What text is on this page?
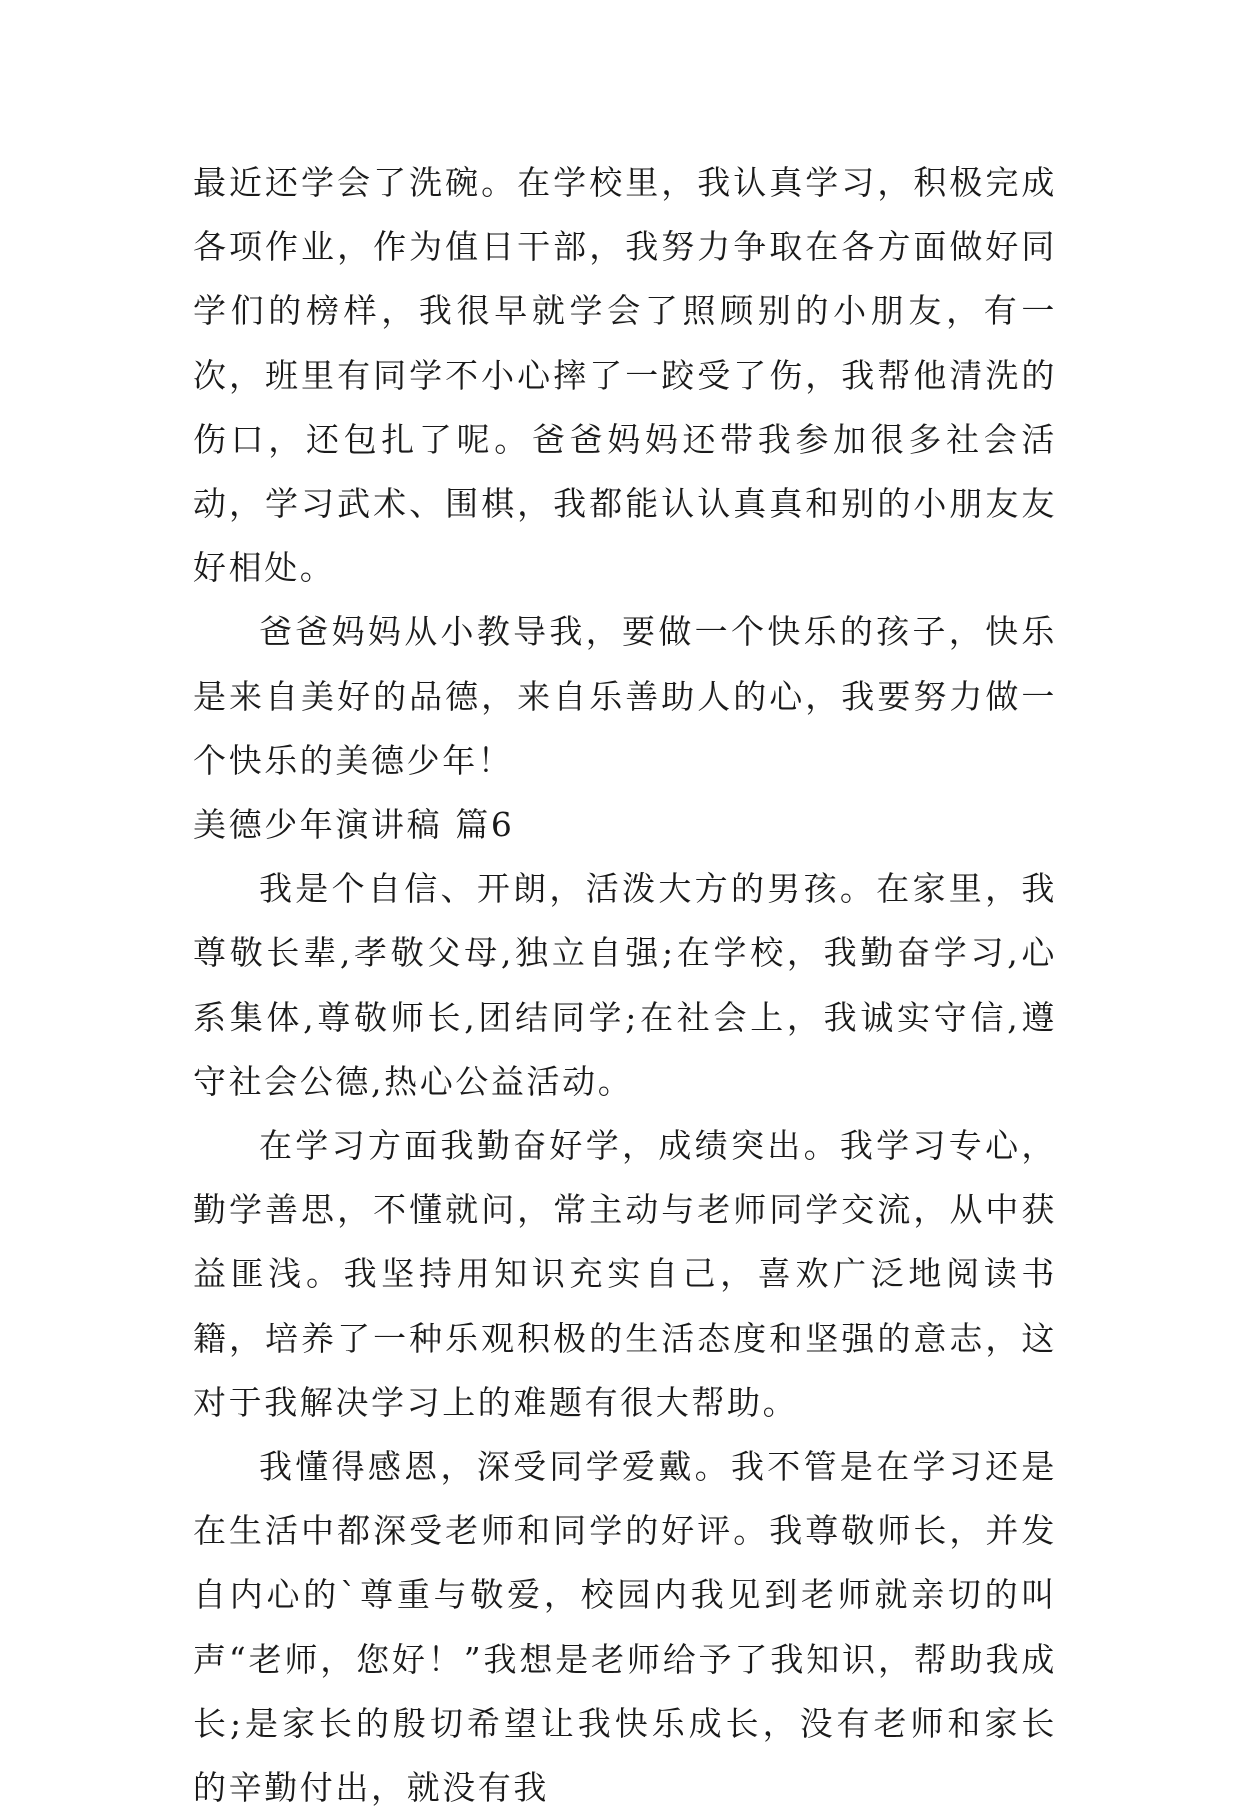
最近还学会了洗碗。在学校里，我认真学习，积极完成各项作业，作为值日干部，我努力争取在各方面做好同学们的榜样，我很早就学会了照顾别的小朋友，有一次，班里有同学不小心摔了一跤受了伤，我帮他清洗的伤口，还包扎了呢。爸爸妈妈还带我参加很多社会活动，学习武术、围棋，我都能认认真真和别的小朋友友好相处。

爸爸妈妈从小教导我，要做一个快乐的孩子，快乐是来自美好的品德，来自乐善助人的心，我要努力做一个快乐的美德少年！

美德少年演讲稿 篇6

我是个自信、开朗，活泼大方的男孩。在家里，我尊敬长辈,孝敬父母,独立自强;在学校，我勤奋学习,心系集体,尊敬师长,团结同学;在社会上，我诚实守信,遵守社会公德,热心公益活动。

在学习方面我勤奋好学，成绩突出。我学习专心，勤学善思，不懂就问，常主动与老师同学交流，从中获益匪浅。我坚持用知识充实自己，喜欢广泛地阅读书籍，培养了一种乐观积极的生活态度和坚强的意志，这对于我解决学习上的难题有很大帮助。

我懂得感恩，深受同学爱戴。我不管是在学习还是在生活中都深受老师和同学的好评。我尊敬师长，并发自内心的`尊重与敬爱，校园内我见到老师就亲切的叫声“老师，您好！”我想是老师给予了我知识，帮助我成长;是家长的殷切希望让我快乐成长，没有老师和家长的辛勤付出，就没有我
